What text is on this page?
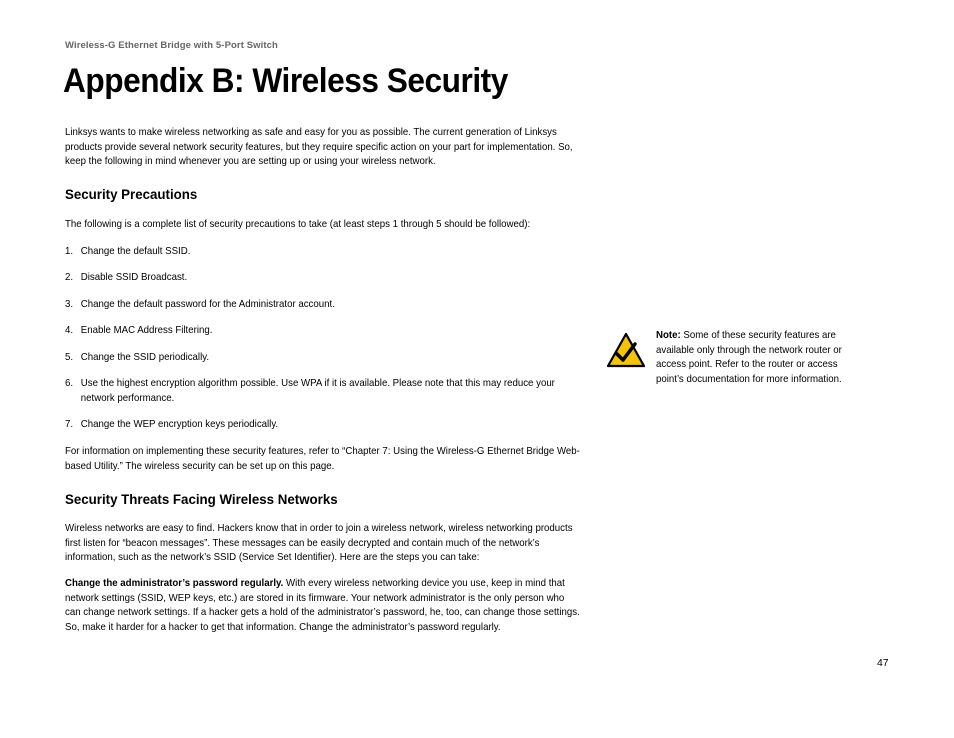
Wireless-G Ethernet Bridge with 5-Port Switch
Appendix B: Wireless Security

Linksys wants to make wireless networking as safe and easy for you as possible. The current generation of Linksys products provide several network security features, but they require specific action on your part for implementation. So, keep the following in mind whenever you are setting up or using your wireless network.

Security Precautions

The following is a complete list of security precautions to take (at least steps 1 through 5 should be followed):

1. Change the default SSID.
2. Disable SSID Broadcast.
3. Change the default password for the Administrator account.
4. Enable MAC Address Filtering.
5. Change the SSID periodically.
6. Use the highest encryption algorithm possible. Use WPA if it is available. Please note that this may reduce your network performance.
7. Change the WEP encryption keys periodically.

For information on implementing these security features, refer to “Chapter 7: Using the Wireless-G Ethernet Bridge Web-based Utility.” The wireless security can be set up on this page.

Security Threats Facing Wireless Networks

Wireless networks are easy to find. Hackers know that in order to join a wireless network, wireless networking products first listen for “beacon messages”. These messages can be easily decrypted and contain much of the network’s information, such as the network’s SSID (Service Set Identifier). Here are the steps you can take:

Change the administrator’s password regularly. With every wireless networking device you use, keep in mind that network settings (SSID, WEP keys, etc.) are stored in its firmware. Your network administrator is the only person who can change network settings. If a hacker gets a hold of the administrator’s password, he, too, can change those settings. So, make it harder for a hacker to get that information. Change the administrator’s password regularly.

Note: Some of these security features are available only through the network router or access point. Refer to the router or access point’s documentation for more information.
47
